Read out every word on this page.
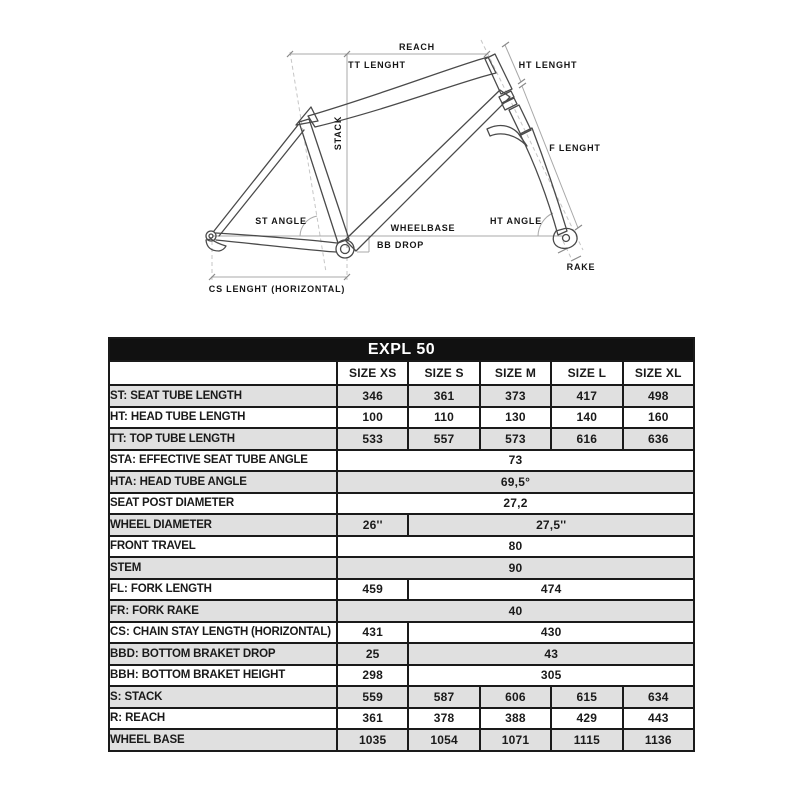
REACH
TT LENGHT	HT LENGHT
STACK	F LENGHT
ST ANGLE
WHEELBASE
BB DROP
HT ANGLE
RAKE
CS LENGHT (HORIZONTAL)
EXPL 50					
	SIZE XS	SIZE S	SIZE M	SIZE L	SIZE XL
ST: SEAT TUBE LENGTH	346	361	373	417	498
HT: HEAD TUBE LENGTH	100	110	130	140	160
TT: TOP TUBE LENGTH	533	557	573	616	636
STA: EFFECTIVE SEAT TUBE ANGLE	73				
HTA: HEAD TUBE ANGLE	69,5°				
SEAT POST DIAMETER	27,2				
WHEEL DIAMETER	26''	27,5''			
FRONT TRAVEL	80				
STEM	90				
FL: FORK LENGTH	459	474			
FR: FORK RAKE	40				
CS: CHAIN STAY LENGTH (HORIZONTAL)	431	430			
BBD: BOTTOM BRAKET DROP	25	43			
BBH: BOTTOM BRAKET HEIGHT	298	305			
S: STACK	559	587	606	615	634
R: REACH	361	378	388	429	443
WHEEL BASE	1035	1054	1071	1115	1136
